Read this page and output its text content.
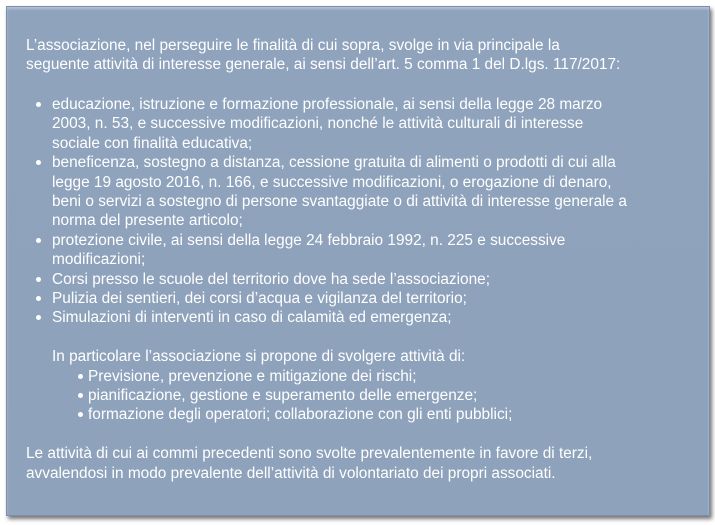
L’associazione, nel perseguire le finalità di cui sopra, svolge in via principale la
seguente attività di interesse generale, ai sensi dell’art. 5 comma 1 del D.lgs. 117/2017:
educazione, istruzione e formazione professionale, ai sensi della legge 28 marzo
2003, n. 53, e successive modificazioni, nonché le attività culturali di interesse
sociale con finalità educativa;
beneficenza, sostegno a distanza, cessione gratuita di alimenti o prodotti di cui alla
legge 19 agosto 2016, n. 166, e successive modificazioni, o erogazione di denaro,
beni o servizi a sostegno di persone svantaggiate o di attività di interesse generale a
norma del presente articolo;
protezione civile, ai sensi della legge 24 febbraio 1992, n. 225 e successive
modificazioni;
Corsi presso le scuole del territorio dove ha sede l’associazione;
Pulizia dei sentieri, dei corsi d’acqua e vigilanza del territorio;
Simulazioni di interventi in caso di calamità ed emergenza;
In particolare l’associazione si propone di svolgere attività di:
Previsione, prevenzione e mitigazione dei rischi;
pianificazione, gestione e superamento delle emergenze;
formazione degli operatori; collaborazione con gli enti pubblici;
Le attività di cui ai commi precedenti sono svolte prevalentemente in favore di terzi,
avvalendosi in modo prevalente dell’attività di volontariato dei propri associati.
